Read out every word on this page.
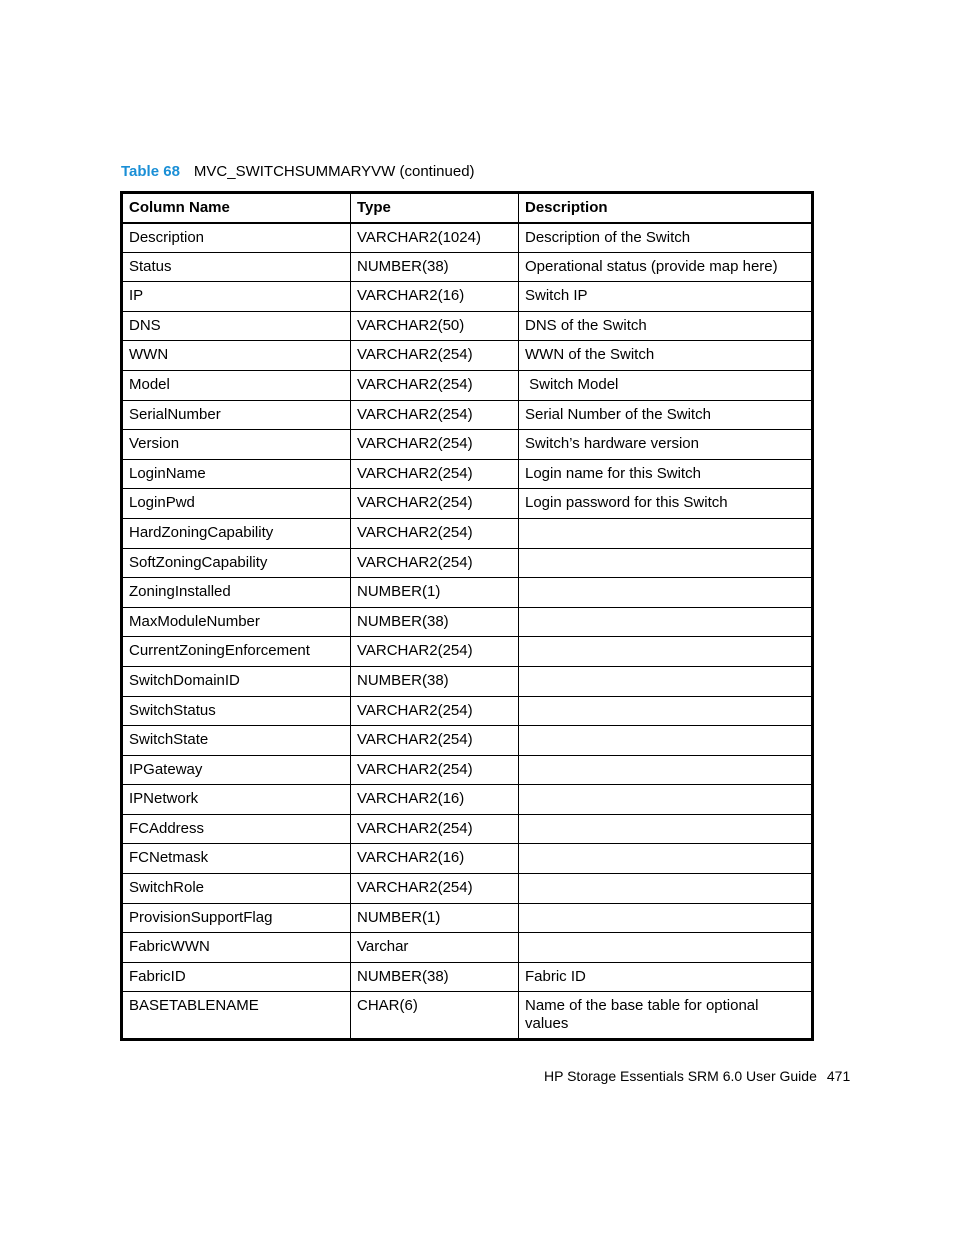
Table 68 MVC_SWITCHSUMMARYVW (continued)
Column Name	Type	Description
Description	VARCHAR2(1024)	Description of the Switch
Status	NUMBER(38)	Operational status (provide map here)
IP	VARCHAR2(16)	Switch IP
DNS	VARCHAR2(50)	DNS of the Switch
WWN	VARCHAR2(254)	WWN of the Switch
Model	VARCHAR2(254)	Switch Model
SerialNumber	VARCHAR2(254)	Serial Number of the Switch
Version	VARCHAR2(254)	Switch’s hardware version
LoginName	VARCHAR2(254)	Login name for this Switch
LoginPwd	VARCHAR2(254)	Login password for this Switch
HardZoningCapability	VARCHAR2(254)	
SoftZoningCapability	VARCHAR2(254)	
ZoningInstalled	NUMBER(1)	
MaxModuleNumber	NUMBER(38)	
CurrentZoningEnforcement	VARCHAR2(254)	
SwitchDomainID	NUMBER(38)	
SwitchStatus	VARCHAR2(254)	
SwitchState	VARCHAR2(254)	
IPGateway	VARCHAR2(254)	
IPNetwork	VARCHAR2(16)	
FCAddress	VARCHAR2(254)	
FCNetmask	VARCHAR2(16)	
SwitchRole	VARCHAR2(254)	
ProvisionSupportFlag	NUMBER(1)	
FabricWWN	Varchar	
FabricID	NUMBER(38)	Fabric ID
BASETABLENAME	CHAR(6)	Name of the base table for optional values
HP Storage Essentials SRM 6.0 User Guide 471
